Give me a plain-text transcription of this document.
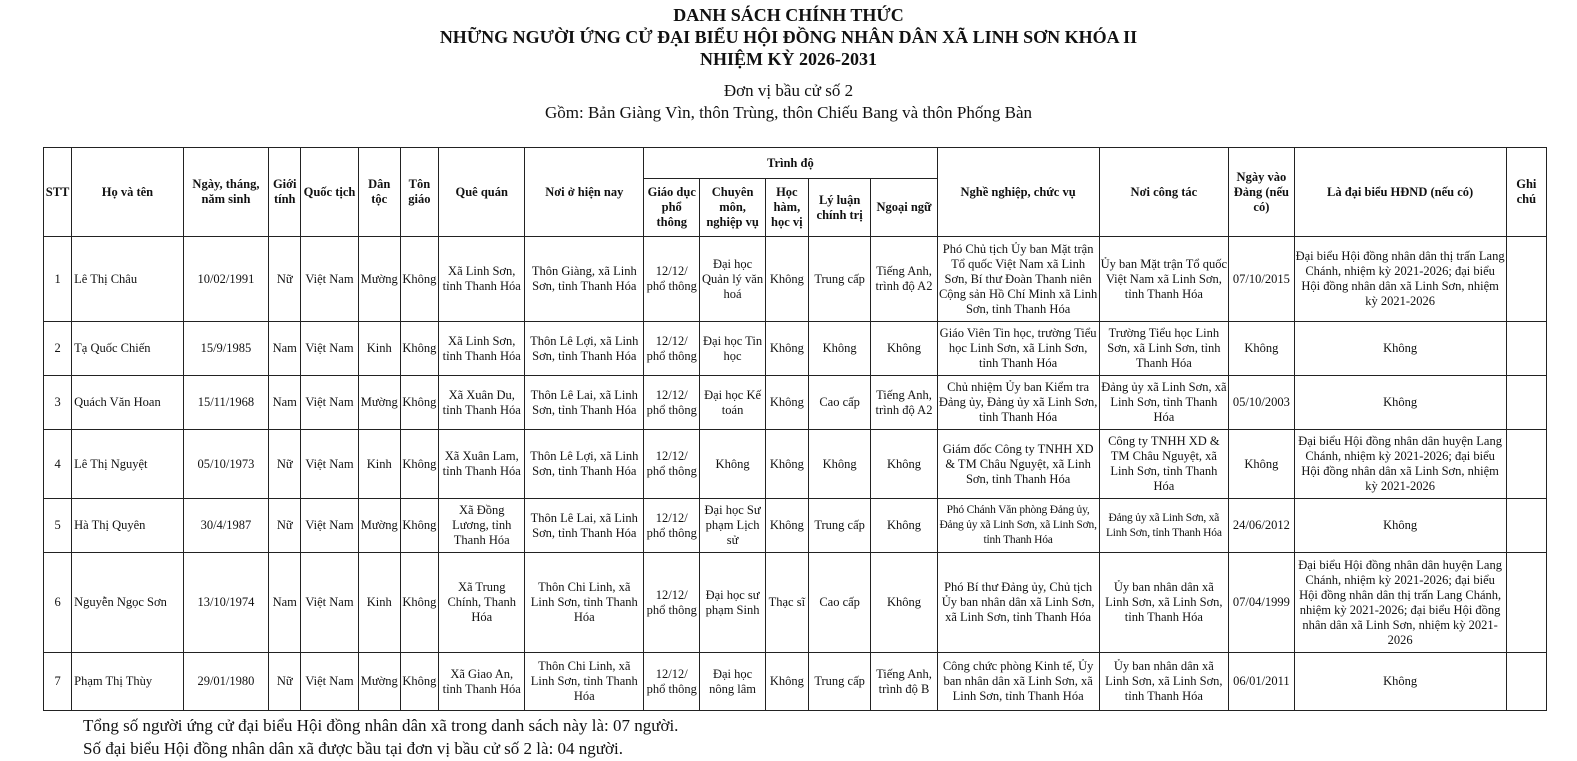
DANH SÁCH CHÍNH THỨC
NHỮNG NGƯỜI ỨNG CỬ ĐẠI BIỂU HỘI ĐỒNG NHÂN DÂN XÃ LINH SƠN KHÓA II
NHIỆM KỲ 2026-2031
Đơn vị bầu cử số 2
Gồm: Bản Giàng Vìn, thôn Trùng, thôn Chiếu Bang và thôn Phống Bàn
STT	Họ và tên	Ngày, tháng, năm sinh	Giới tính	Quốc tịch	Dân tộc	Tôn giáo	Quê quán	Nơi ở hiện nay	Trình độ					Nghề nghiệp, chức vụ	Nơi công tác	Ngày vào Đảng (nếu có)	Là đại biểu HĐND (nếu có)	Ghi chú
									Giáo dục phổ thông	Chuyên môn, nghiệp vụ	Học hàm, học vị	Lý luận chính trị	Ngoại ngữ					
1	Lê Thị Châu	10/02/1991	Nữ	Việt Nam	Mường	Không	Xã Linh Sơn, tỉnh Thanh Hóa	Thôn Giàng, xã Linh Sơn, tỉnh Thanh Hóa	12/12/ phổ thông	Đại học Quản lý văn hoá	Không	Trung cấp	Tiếng Anh, trình độ A2	Phó Chủ tịch Ủy ban Mặt trận Tổ quốc Việt Nam xã Linh Sơn, Bí thư Đoàn Thanh niên Cộng sản Hồ Chí Minh xã Linh Sơn, tỉnh Thanh Hóa	Ủy ban Mặt trận Tổ quốc Việt Nam xã Linh Sơn, tỉnh Thanh Hóa	07/10/2015	Đại biểu Hội đồng nhân dân thị trấn Lang Chánh, nhiệm kỳ 2021-2026; đại biểu Hội đồng nhân dân xã Linh Sơn, nhiệm kỳ 2021-2026	
2	Tạ Quốc Chiến	15/9/1985	Nam	Việt Nam	Kinh	Không	Xã Linh Sơn, tỉnh Thanh Hóa	Thôn Lê Lợi, xã Linh Sơn, tỉnh Thanh Hóa	12/12/ phổ thông	Đại học Tin học	Không	Không	Không	Giáo Viên Tin học, trường Tiểu học Linh Sơn, xã Linh Sơn, tỉnh Thanh Hóa	Trường Tiểu học Linh Sơn, xã Linh Sơn, tỉnh Thanh Hóa	Không	Không	
3	Quách Văn Hoan	15/11/1968	Nam	Việt Nam	Mường	Không	Xã Xuân Du, tỉnh Thanh Hóa	Thôn Lê Lai, xã Linh Sơn, tỉnh Thanh Hóa	12/12/ phổ thông	Đại học Kế toán	Không	Cao cấp	Tiếng Anh, trình độ A2	Chủ nhiệm Ủy ban Kiểm tra Đảng ủy, Đảng ủy xã Linh Sơn, tỉnh Thanh Hóa	Đảng ủy xã Linh Sơn, xã Linh Sơn, tỉnh Thanh Hóa	05/10/2003	Không	
4	Lê Thị Nguyệt	05/10/1973	Nữ	Việt Nam	Kinh	Không	Xã Xuân Lam, tỉnh Thanh Hóa	Thôn Lê Lợi, xã Linh Sơn, tỉnh Thanh Hóa	12/12/ phổ thông	Không	Không	Không	Không	Giám đốc Công ty TNHH XD & TM Châu Nguyệt, xã Linh Sơn, tỉnh Thanh Hóa	Công ty TNHH XD & TM Châu Nguyệt, xã Linh Sơn, tỉnh Thanh Hóa	Không	Đại biểu Hội đồng nhân dân huyện Lang Chánh, nhiệm kỳ 2021-2026; đại biểu Hội đồng nhân dân xã Linh Sơn, nhiệm kỳ 2021-2026	
5	Hà Thị Quyên	30/4/1987	Nữ	Việt Nam	Mường	Không	Xã Đồng Lương, tỉnh Thanh Hóa	Thôn Lê Lai, xã Linh Sơn, tỉnh Thanh Hóa	12/12/ phổ thông	Đại học Sư phạm Lịch sử	Không	Trung cấp	Không	Phó Chánh Văn phòng Đảng ủy, Đảng ủy xã Linh Sơn, xã Linh Sơn, tỉnh Thanh Hóa	Đảng ủy xã Linh Sơn, xã Linh Sơn, tỉnh Thanh Hóa	24/06/2012	Không	
6	Nguyễn Ngọc Sơn	13/10/1974	Nam	Việt Nam	Kinh	Không	Xã Trung Chính, Thanh Hóa	Thôn Chi Linh, xã Linh Sơn, tỉnh Thanh Hóa	12/12/ phổ thông	Đại học sư phạm Sinh	Thạc sĩ	Cao cấp	Không	Phó Bí thư Đảng ủy, Chủ tịch Ủy ban nhân dân xã Linh Sơn, xã Linh Sơn, tỉnh Thanh Hóa	Ủy ban nhân dân xã Linh Sơn, xã Linh Sơn, tỉnh Thanh Hóa	07/04/1999	Đại biểu Hội đồng nhân dân huyện Lang Chánh, nhiệm kỳ 2021-2026; đại biểu Hội đồng nhân dân thị trấn Lang Chánh, nhiệm kỳ 2021-2026; đại biểu Hội đồng nhân dân xã Linh Sơn, nhiệm kỳ 2021-2026	
7	Phạm Thị Thùy	29/01/1980	Nữ	Việt Nam	Mường	Không	Xã Giao An, tỉnh Thanh Hóa	Thôn Chi Linh, xã Linh Sơn, tỉnh Thanh Hóa	12/12/ phổ thông	Đại học nông lâm	Không	Trung cấp	Tiếng Anh, trình độ B	Công chức phòng Kinh tế, Ủy ban nhân dân xã Linh Sơn, xã Linh Sơn, tỉnh Thanh Hóa	Ủy ban nhân dân xã Linh Sơn, xã Linh Sơn, tỉnh Thanh Hóa	06/01/2011	Không	
Tổng số người ứng cử đại biểu Hội đồng nhân dân xã trong danh sách này là: 07 người.
Số đại biểu Hội đồng nhân dân xã được bầu tại đơn vị bầu cử số 2 là: 04 người.
